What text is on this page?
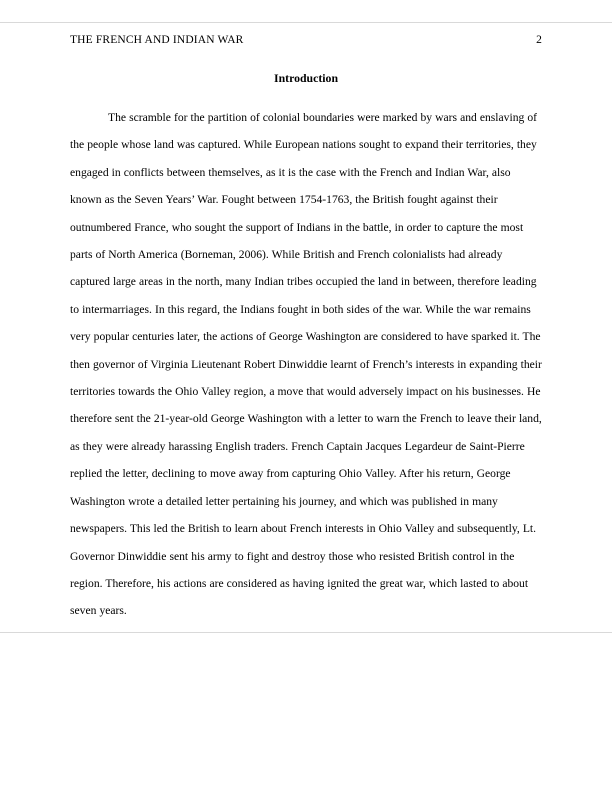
THE FRENCH AND INDIAN WAR	2
Introduction

The scramble for the partition of colonial boundaries were marked by wars and enslaving of the people whose land was captured. While European nations sought to expand their territories, they engaged in conflicts between themselves, as it is the case with the French and Indian War, also known as the Seven Years’ War. Fought between 1754-1763, the British fought against their outnumbered France, who sought the support of Indians in the battle, in order to capture the most parts of North America (Borneman, 2006). While British and French colonialists had already captured large areas in the north, many Indian tribes occupied the land in between, therefore leading to intermarriages. In this regard, the Indians fought in both sides of the war. While the war remains very popular centuries later, the actions of George Washington are considered to have sparked it. The then governor of Virginia Lieutenant Robert Dinwiddie learnt of French’s interests in expanding their territories towards the Ohio Valley region, a move that would adversely impact on his businesses. He therefore sent the 21-year-old George Washington with a letter to warn the French to leave their land, as they were already harassing English traders. French Captain Jacques Legardeur de Saint-Pierre replied the letter, declining to move away from capturing Ohio Valley. After his return, George Washington wrote a detailed letter pertaining his journey, and which was published in many newspapers. This led the British to learn about French interests in Ohio Valley and subsequently, Lt. Governor Dinwiddie sent his army to fight and destroy those who resisted British control in the region. Therefore, his actions are considered as having ignited the great war, which lasted to about seven years.
